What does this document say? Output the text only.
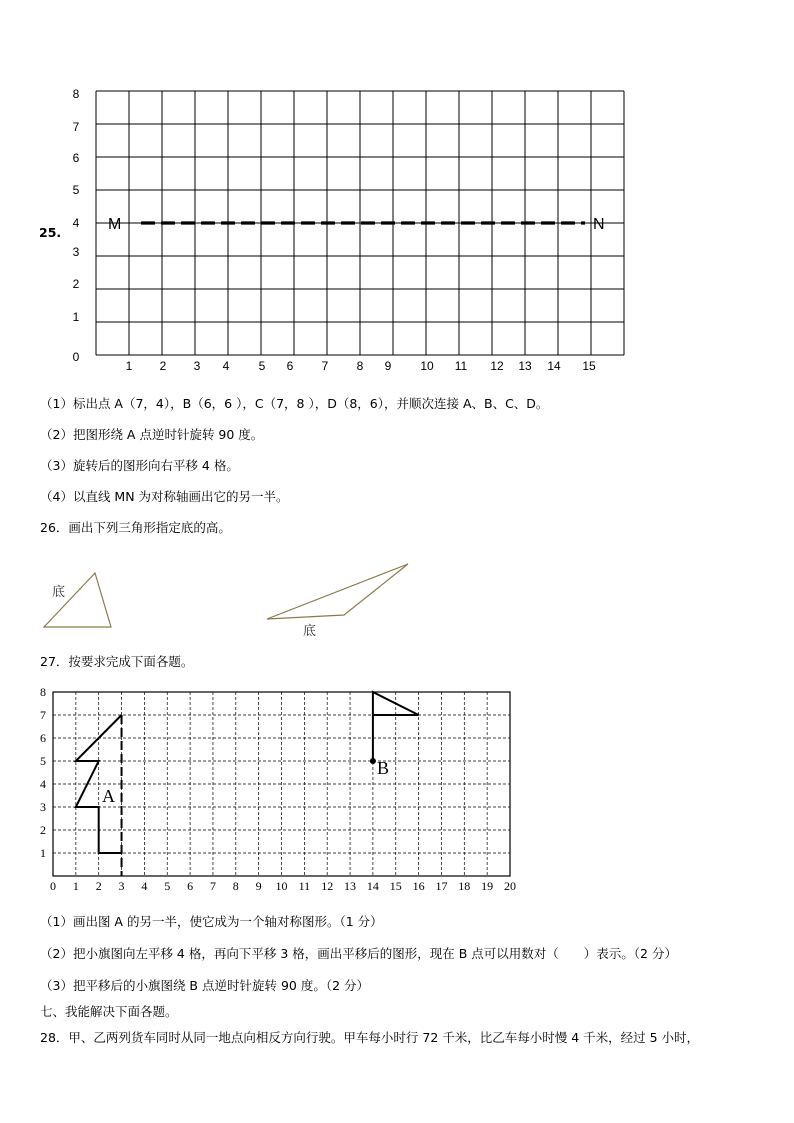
25.
1 2 3 4 5 6 7 8 9 10 11 12 13 14 15
0
1
2
3
4
5
6
7
8
M	N
（1）标出点 A（7，4），B（6，6 ），C（7，8 ），D（8，6），并顺次连接 A、B、C、D。
（2）把图形绕 A 点逆时针旋转 90 度。
（3）旋转后的图形向右平移 4 格。
（4）以直线 MN 为对称轴画出它的另一半。
26．画出下列三角形指定底的高。
底
底
27．按要求完成下面各题。
0 1 2 3 4 5 6 7 8 9 10 11 12 13 14 15 16 17 18 19 20
1
2
3
4
5
6
7
8
A
B
（1）画出图 A 的另一半，使它成为一个轴对称图形。（1 分）
（2）把小旗图向左平移 4 格，再向下平移 3 格，画出平移后的图形，现在 B 点可以用数对（　　）表示。（2 分）
（3）把平移后的小旗图绕 B 点逆时针旋转 90 度。（2 分）
七、我能解决下面各题。
28．甲、乙两列货车同时从同一地点向相反方向行驶。甲车每小时行 72 千米，比乙车每小时慢 4 千米，经过 5 小时，
